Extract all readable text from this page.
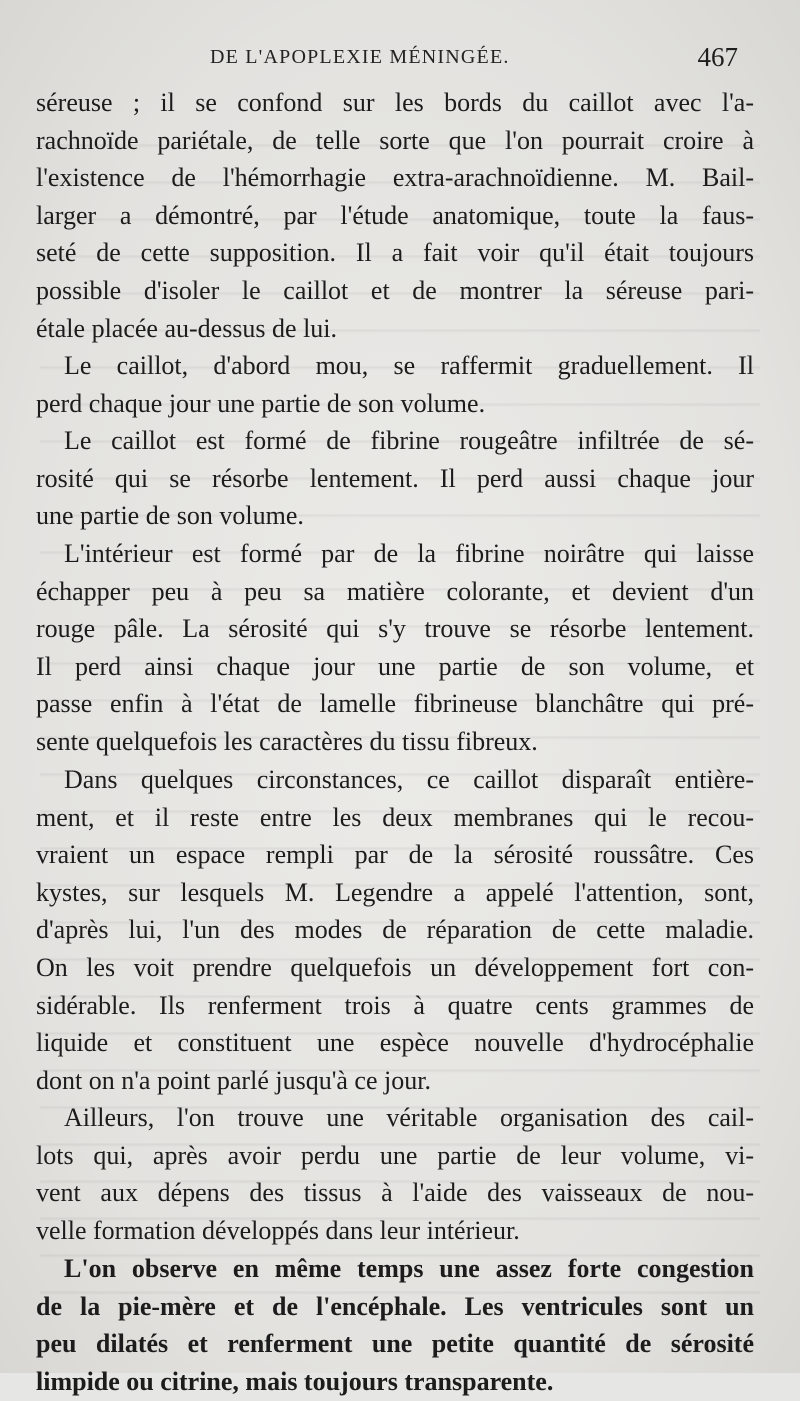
DE L'APOPLEXIE MÉNINGÉE.	467

séreuse ; il se confond sur les bords du caillot avec l'a-
rachnoïde pariétale, de telle sorte que l'on pourrait croire à
l'existence de l'hémorrhagie extra-arachnoïdienne. M. Bail-
larger a démontré, par l'étude anatomique, toute la faus-
seté de cette supposition. Il a fait voir qu'il était toujours
possible d'isoler le caillot et de montrer la séreuse pari-
étale placée au-dessus de lui.

Le caillot, d'abord mou, se raffermit graduellement. Il
perd chaque jour une partie de son volume.

Le caillot est formé de fibrine rougeâtre infiltrée de sé-
rosité qui se résorbe lentement. Il perd aussi chaque jour
une partie de son volume.

L'intérieur est formé par de la fibrine noirâtre qui laisse
échapper peu à peu sa matière colorante, et devient d'un
rouge pâle. La sérosité qui s'y trouve se résorbe lentement.
Il perd ainsi chaque jour une partie de son volume, et
passe enfin à l'état de lamelle fibrineuse blanchâtre qui pré-
sente quelquefois les caractères du tissu fibreux.

Dans quelques circonstances, ce caillot disparaît entière-
ment, et il reste entre les deux membranes qui le recou-
vraient un espace rempli par de la sérosité roussâtre. Ces
kystes, sur lesquels M. Legendre a appelé l'attention, sont,
d'après lui, l'un des modes de réparation de cette maladie.
On les voit prendre quelquefois un développement fort con-
sidérable. Ils renferment trois à quatre cents grammes de
liquide et constituent une espèce nouvelle d'hydrocéphalie
dont on n'a point parlé jusqu'à ce jour.

Ailleurs, l'on trouve une véritable organisation des cail-
lots qui, après avoir perdu une partie de leur volume, vi-
vent aux dépens des tissus à l'aide des vaisseaux de nou-
velle formation développés dans leur intérieur.

L'on observe en même temps une assez forte congestion
de la pie-mère et de l'encéphale. Les ventricules sont un
peu dilatés et renferment une petite quantité de sérosité
limpide ou citrine, mais toujours transparente.
